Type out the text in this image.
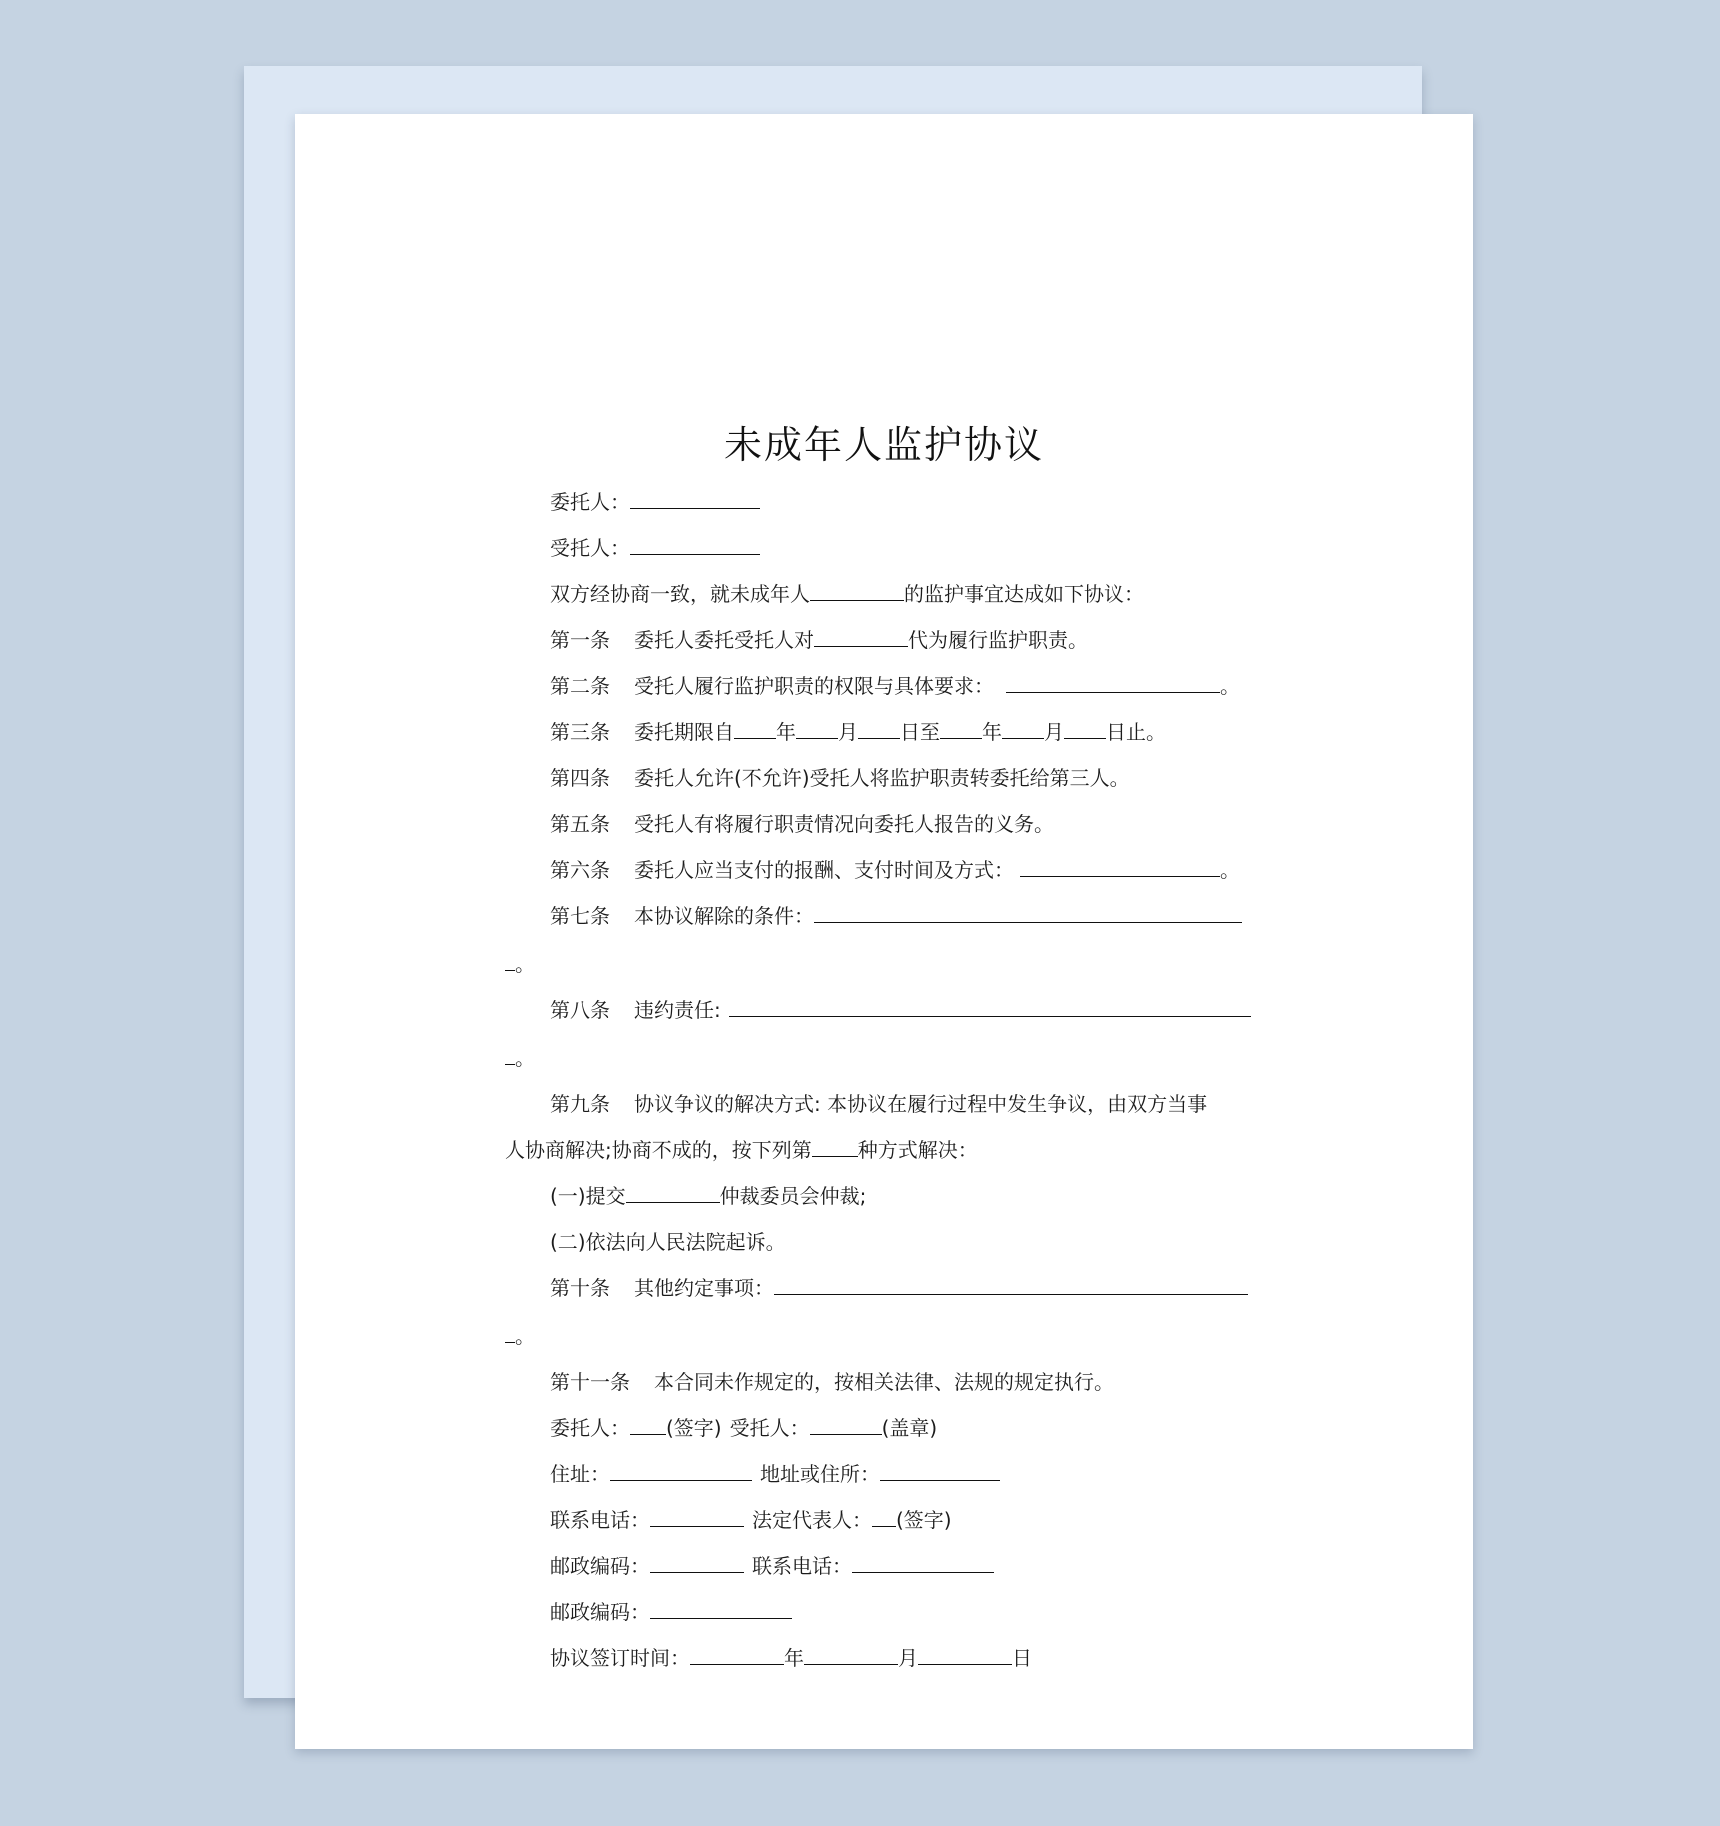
未成年人监护协议
委托人：
受托人：
双方经协商一致，就未成年人	的监护事宜达成如下协议：
第一条 委托人委托受托人对	代为履行监护职责。
第二条 受托人履行监护职责的权限与具体要求：	。
第三条 委托期限自 年 月 日至 年 月 日止。
第四条 委托人允许(不允许)受托人将监护职责转委托给第三人。
第五条 受托人有将履行职责情况向委托人报告的义务。
第六条 委托人应当支付的报酬、支付时间及方式：	。
第七条 本协议解除的条件：
。
第八条 违约责任:
。
第九条 协议争议的解决方式: 本协议在履行过程中发生争议，由双方当事
人协商解决;协商不成的，按下列第 种方式解决：
(一)提交	仲裁委员会仲裁;
(二)依法向人民法院起诉。
第十条 其他约定事项：
。
第十一条 本合同未作规定的，按相关法律、法规的规定执行。
委托人： (签字) 受托人：	(盖章)
住址：	地址或住所：
联系电话：	法定代表人： (签字)
邮政编码：	联系电话：
邮政编码：
协议签订时间：	年	月	日
